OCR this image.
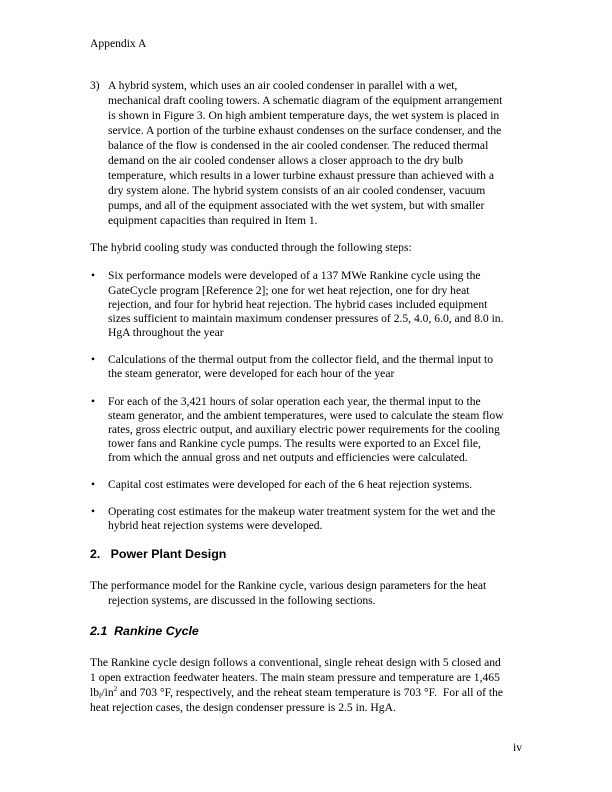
Appendix A
3) A hybrid system, which uses an air cooled condenser in parallel with a wet,
mechanical draft cooling towers. A schematic diagram of the equipment arrangement
is shown in Figure 3. On high ambient temperature days, the wet system is placed in
service. A portion of the turbine exhaust condenses on the surface condenser, and the
balance of the flow is condensed in the air cooled condenser. The reduced thermal
demand on the air cooled condenser allows a closer approach to the dry bulb
temperature, which results in a lower turbine exhaust pressure than achieved with a
dry system alone. The hybrid system consists of an air cooled condenser, vacuum
pumps, and all of the equipment associated with the wet system, but with smaller
equipment capacities than required in Item 1.
The hybrid cooling study was conducted through the following steps:
• Six performance models were developed of a 137 MWe Rankine cycle using the
GateCycle program [Reference 2]; one for wet heat rejection, one for dry heat
rejection, and four for hybrid heat rejection. The hybrid cases included equipment
sizes sufficient to maintain maximum condenser pressures of 2.5, 4.0, 6.0, and 8.0 in.
HgA throughout the year
• Calculations of the thermal output from the collector field, and the thermal input to
the steam generator, were developed for each hour of the year
• For each of the 3,421 hours of solar operation each year, the thermal input to the
steam generator, and the ambient temperatures, were used to calculate the steam flow
rates, gross electric output, and auxiliary electric power requirements for the cooling
tower fans and Rankine cycle pumps. The results were exported to an Excel file,
from which the annual gross and net outputs and efficiencies were calculated.
• Capital cost estimates were developed for each of the 6 heat rejection systems.
• Operating cost estimates for the makeup water treatment system for the wet and the
hybrid heat rejection systems were developed.
2.   Power Plant Design
The performance model for the Rankine cycle, various design parameters for the heat
rejection systems, are discussed in the following sections.
2.1  Rankine Cycle
The Rankine cycle design follows a conventional, single reheat design with 5 closed and
1 open extraction feedwater heaters. The main steam pressure and temperature are 1,465
$lb_f/in^2$ and 703 °F, respectively, and the reheat steam temperature is 703 °F.  For all of the
heat rejection cases, the design condenser pressure is 2.5 in. HgA.
iv
